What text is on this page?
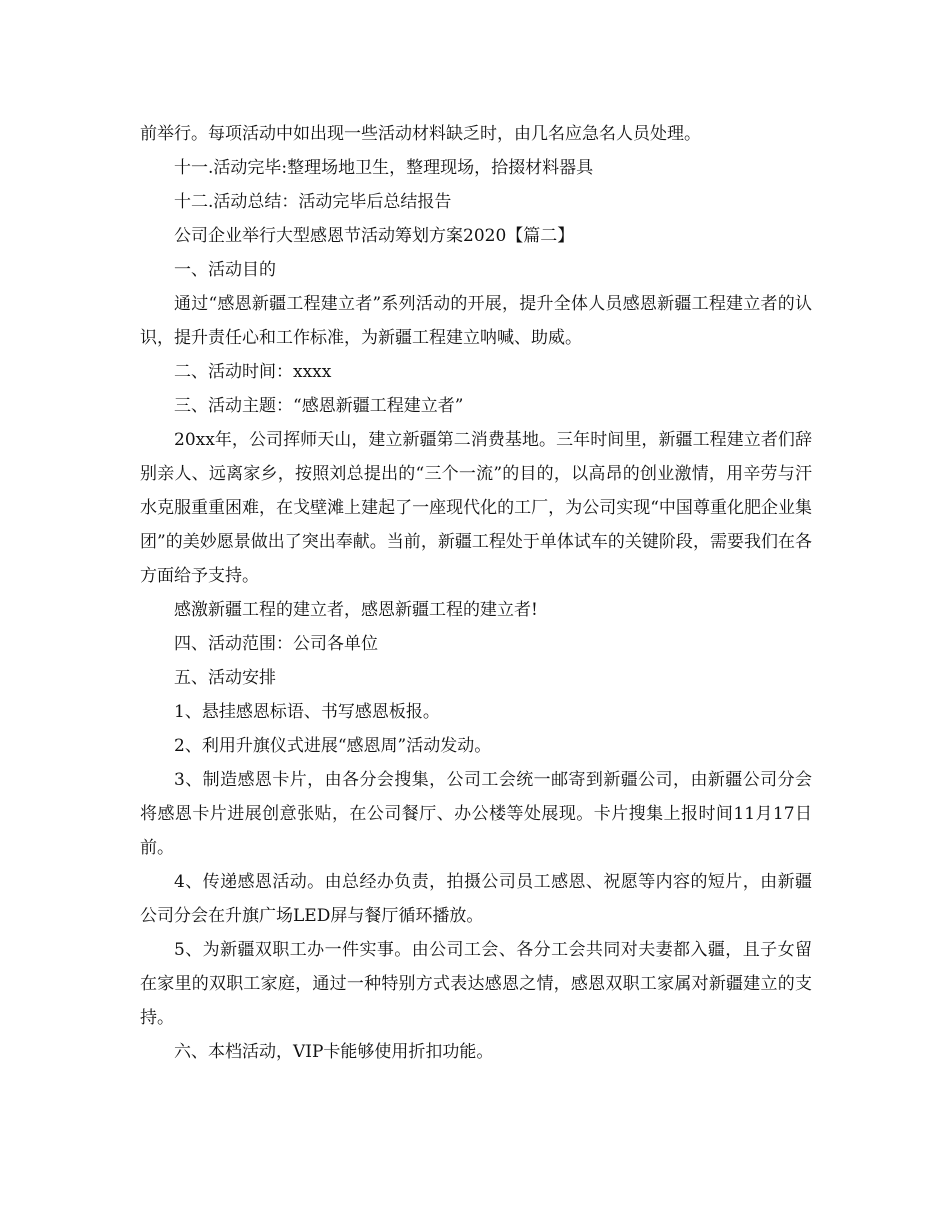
前举行。每项活动中如出现一些活动材料缺乏时，由几名应急名人员处理。

十一.活动完毕:整理场地卫生，整理现场，拾掇材料器具

十二.活动总结：活动完毕后总结报告

公司企业举行大型感恩节活动筹划方案2020【篇二】

一、活动目的

通过“感恩新疆工程建立者”系列活动的开展，提升全体人员感恩新疆工程建立者的认识，提升责任心和工作标准，为新疆工程建立呐喊、助威。

二、活动时间：xxxx

三、活动主题：“感恩新疆工程建立者”

20xx年，公司挥师天山，建立新疆第二消费基地。三年时间里，新疆工程建立者们辞别亲人、远离家乡，按照刘总提出的“三个一流”的目的，以高昂的创业激情，用辛劳与汗水克服重重困难，在戈壁滩上建起了一座现代化的工厂，为公司实现“中国尊重化肥企业集团”的美妙愿景做出了突出奉献。当前，新疆工程处于单体试车的关键阶段，需要我们在各方面给予支持。

感激新疆工程的建立者，感恩新疆工程的建立者!

四、活动范围：公司各单位

五、活动安排

1、悬挂感恩标语、书写感恩板报。

2、利用升旗仪式进展“感恩周”活动发动。

3、制造感恩卡片，由各分会搜集，公司工会统一邮寄到新疆公司，由新疆公司分会将感恩卡片进展创意张贴，在公司餐厅、办公楼等处展现。卡片搜集上报时间11月17日前。

4、传递感恩活动。由总经办负责，拍摄公司员工感恩、祝愿等内容的短片，由新疆公司分会在升旗广场LED屏与餐厅循环播放。

5、为新疆双职工办一件实事。由公司工会、各分工会共同对夫妻都入疆，且子女留在家里的双职工家庭，通过一种特别方式表达感恩之情，感恩双职工家属对新疆建立的支持。

六、本档活动，VIP卡能够使用折扣功能。
